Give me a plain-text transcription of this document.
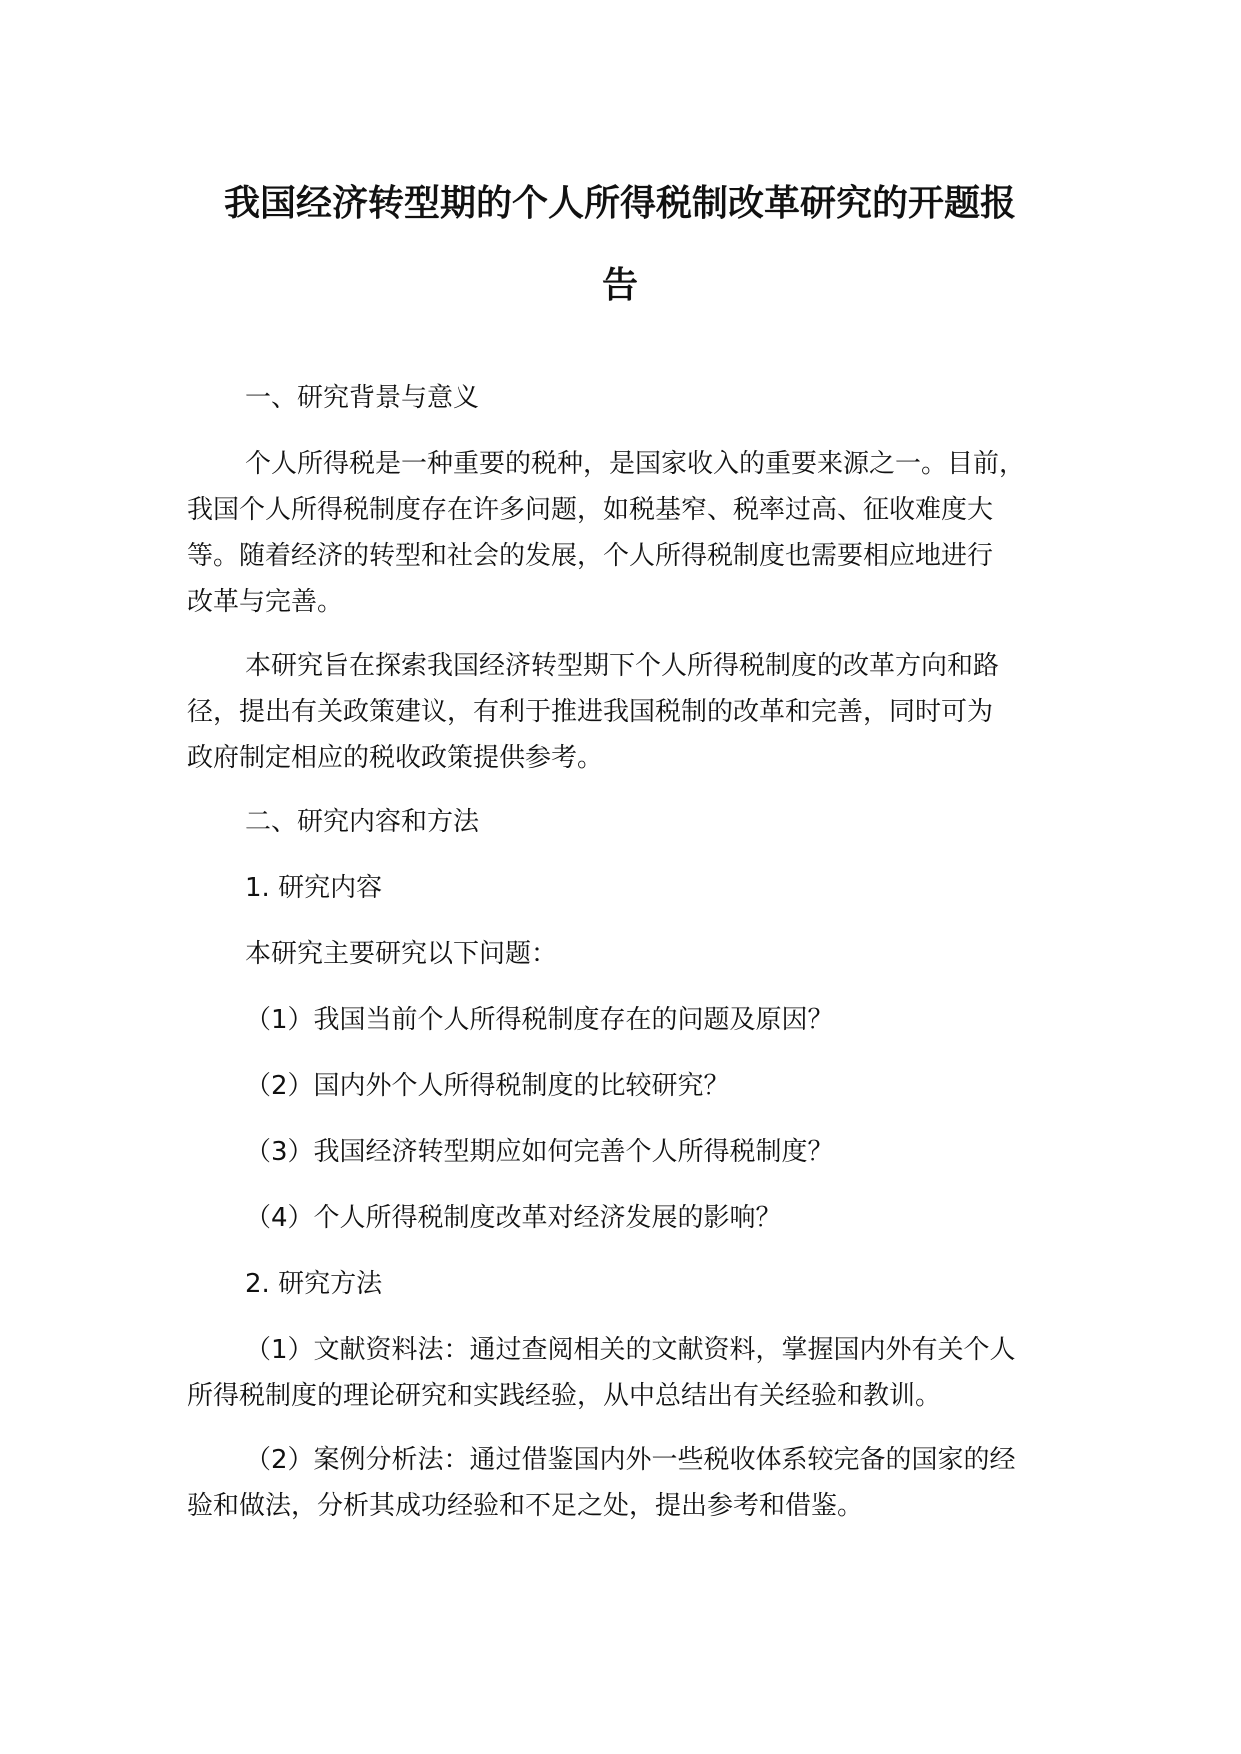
我国经济转型期的个人所得税制改革研究的开题报
告

一、研究背景与意义

个人所得税是一种重要的税种，是国家收入的重要来源之一。目前，
我国个人所得税制度存在许多问题，如税基窄、税率过高、征收难度大
等。随着经济的转型和社会的发展，个人所得税制度也需要相应地进行
改革与完善。

本研究旨在探索我国经济转型期下个人所得税制度的改革方向和路
径，提出有关政策建议，有利于推进我国税制的改革和完善，同时可为
政府制定相应的税收政策提供参考。

二、研究内容和方法

1. 研究内容

本研究主要研究以下问题：

（1）我国当前个人所得税制度存在的问题及原因？

（2）国内外个人所得税制度的比较研究？

（3）我国经济转型期应如何完善个人所得税制度？

（4）个人所得税制度改革对经济发展的影响？

2. 研究方法

（1）文献资料法：通过查阅相关的文献资料，掌握国内外有关个人
所得税制度的理论研究和实践经验，从中总结出有关经验和教训。

（2）案例分析法：通过借鉴国内外一些税收体系较完备的国家的经
验和做法，分析其成功经验和不足之处，提出参考和借鉴。
